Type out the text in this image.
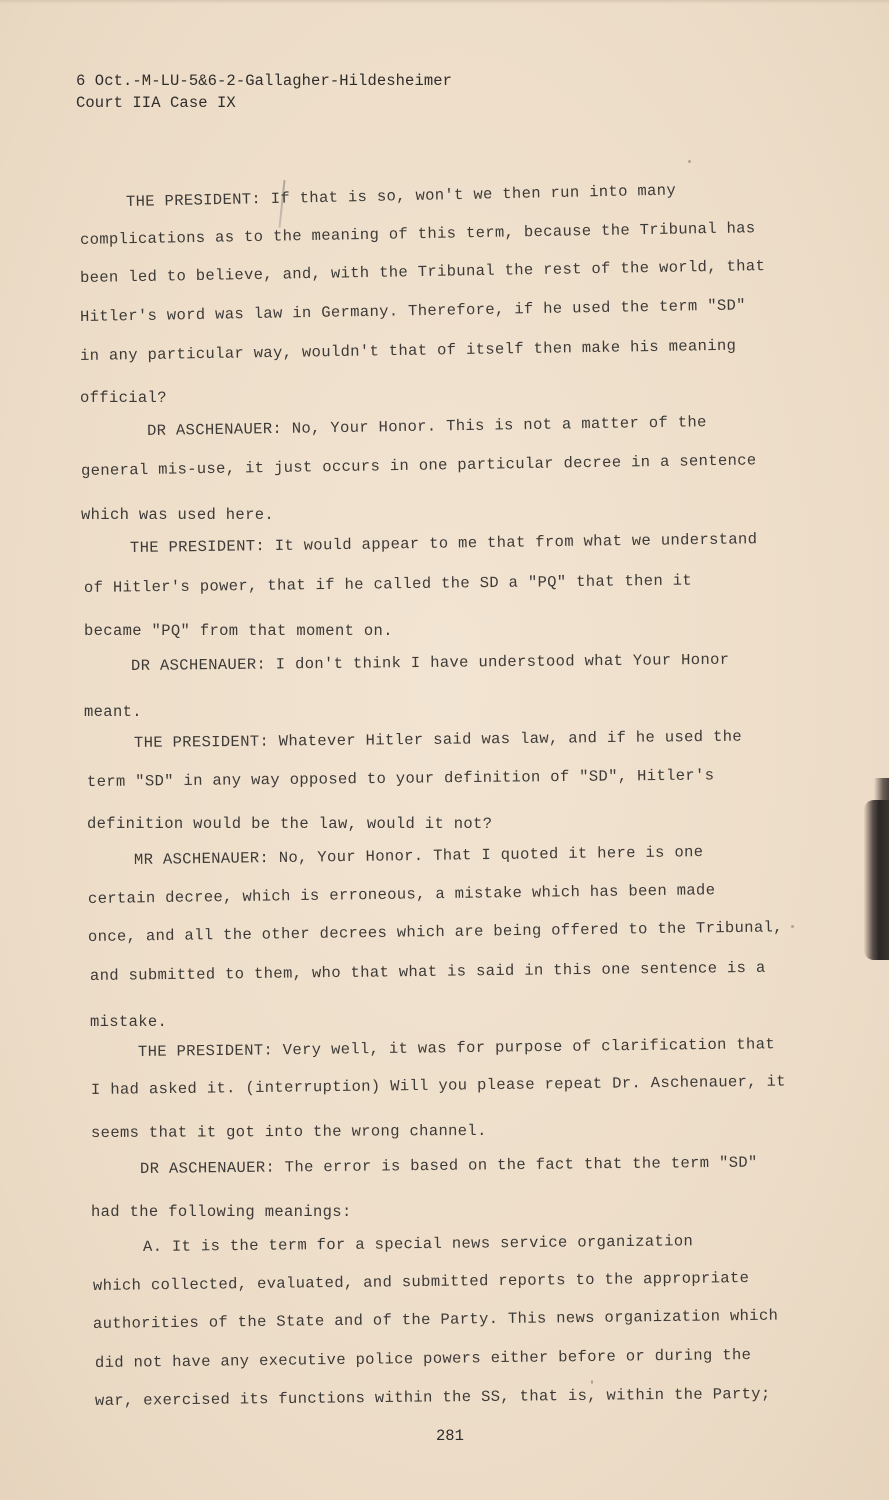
6 Oct.-M-LU-5&6-2-Gallagher-Hildesheimer
Court IIA Case IX
THE PRESIDENT: If that is so, won't we then run into many
complications as to the meaning of this term, because the Tribunal has
been led to believe, and, with the Tribunal the rest of the world, that
Hitler's word was law in Germany. Therefore, if he used the term "SD"
in any particular way, wouldn't that of itself then make his meaning
official?
DR ASCHENAUER: No, Your Honor. This is not a matter of the
general mis-use, it just occurs in one particular decree in a sentence
which was used here.
THE PRESIDENT: It would appear to me that from what we understand
of Hitler's power, that if he called the SD a "PQ" that then it
became "PQ" from that moment on.
DR ASCHENAUER: I don't think I have understood what Your Honor
meant.
THE PRESIDENT: Whatever Hitler said was law, and if he used the
term "SD" in any way opposed to your definition of "SD", Hitler's
definition would be the law, would it not?
MR ASCHENAUER: No, Your Honor. That I quoted it here is one
certain decree, which is erroneous, a mistake which has been made
once, and all the other decrees which are being offered to the Tribunal,
and submitted to them, who that what is said in this one sentence is a
mistake.
THE PRESIDENT: Very well, it was for purpose of clarification that
I had asked it. (interruption) Will you please repeat Dr. Aschenauer, it
seems that it got into the wrong channel.
DR ASCHENAUER: The error is based on the fact that the term "SD"
had the following meanings:
A. It is the term for a special news service organization
which collected, evaluated, and submitted reports to the appropriate
authorities of the State and of the Party. This news organization which
did not have any executive police powers either before or during the
war, exercised its functions within the SS, that is, within the Party;
281
